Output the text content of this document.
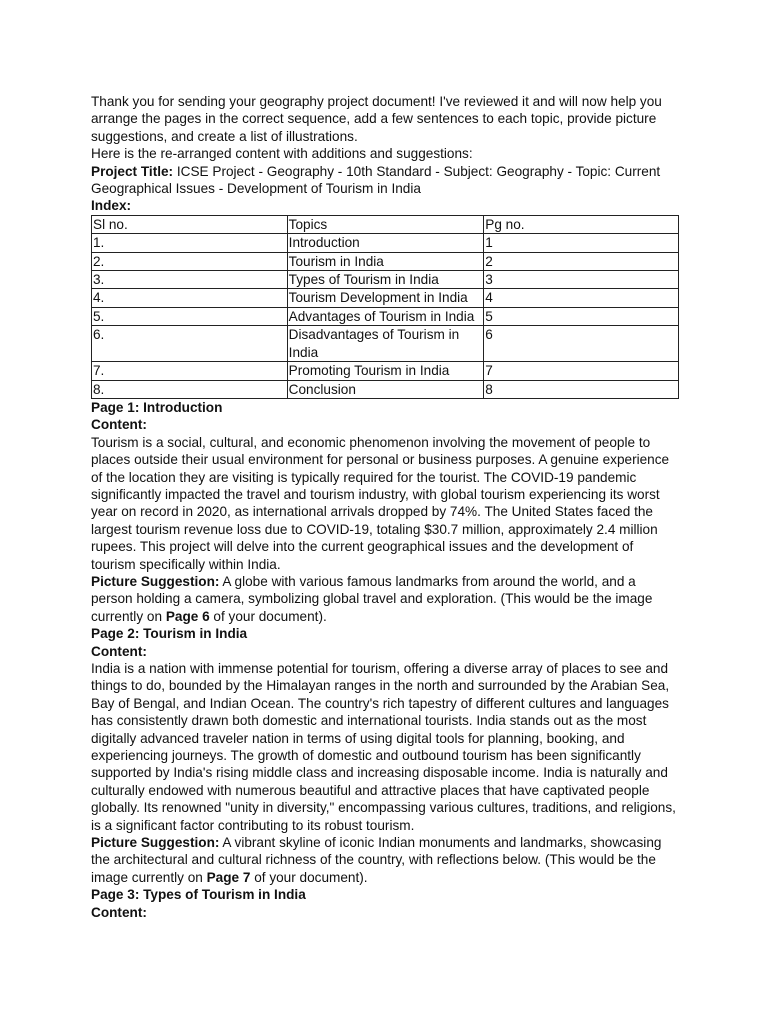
Thank you for sending your geography project document! I've reviewed it and will now help you arrange the pages in the correct sequence, add a few sentences to each topic, provide picture suggestions, and create a list of illustrations.

Here is the re-arranged content with additions and suggestions:

Project Title: ICSE Project - Geography - 10th Standard - Subject: Geography - Topic: Current Geographical Issues - Development of Tourism in India

Index:

Sl no.	Topics	Pg no.
1.	Introduction	1
2.	Tourism in India	2
3.	Types of Tourism in India	3
4.	Tourism Development in India	4
5.	Advantages of Tourism in India	5
6.	Disadvantages of Tourism in India	6
7.	Promoting Tourism in India	7
8.	Conclusion	8

Page 1: Introduction

Content:

Tourism is a social, cultural, and economic phenomenon involving the movement of people to places outside their usual environment for personal or business purposes. A genuine experience of the location they are visiting is typically required for the tourist. The COVID-19 pandemic significantly impacted the travel and tourism industry, with global tourism experiencing its worst year on record in 2020, as international arrivals dropped by 74%. The United States faced the largest tourism revenue loss due to COVID-19, totaling $30.7 million, approximately 2.4 million rupees. This project will delve into the current geographical issues and the development of tourism specifically within India.

Picture Suggestion: A globe with various famous landmarks from around the world, and a person holding a camera, symbolizing global travel and exploration. (This would be the image currently on Page 6 of your document).

Page 2: Tourism in India

Content:

India is a nation with immense potential for tourism, offering a diverse array of places to see and things to do, bounded by the Himalayan ranges in the north and surrounded by the Arabian Sea, Bay of Bengal, and Indian Ocean. The country's rich tapestry of different cultures and languages has consistently drawn both domestic and international tourists. India stands out as the most digitally advanced traveler nation in terms of using digital tools for planning, booking, and experiencing journeys. The growth of domestic and outbound tourism has been significantly supported by India's rising middle class and increasing disposable income. India is naturally and culturally endowed with numerous beautiful and attractive places that have captivated people globally. Its renowned "unity in diversity," encompassing various cultures, traditions, and religions, is a significant factor contributing to its robust tourism.

Picture Suggestion: A vibrant skyline of iconic Indian monuments and landmarks, showcasing the architectural and cultural richness of the country, with reflections below. (This would be the image currently on Page 7 of your document).

Page 3: Types of Tourism in India

Content:
